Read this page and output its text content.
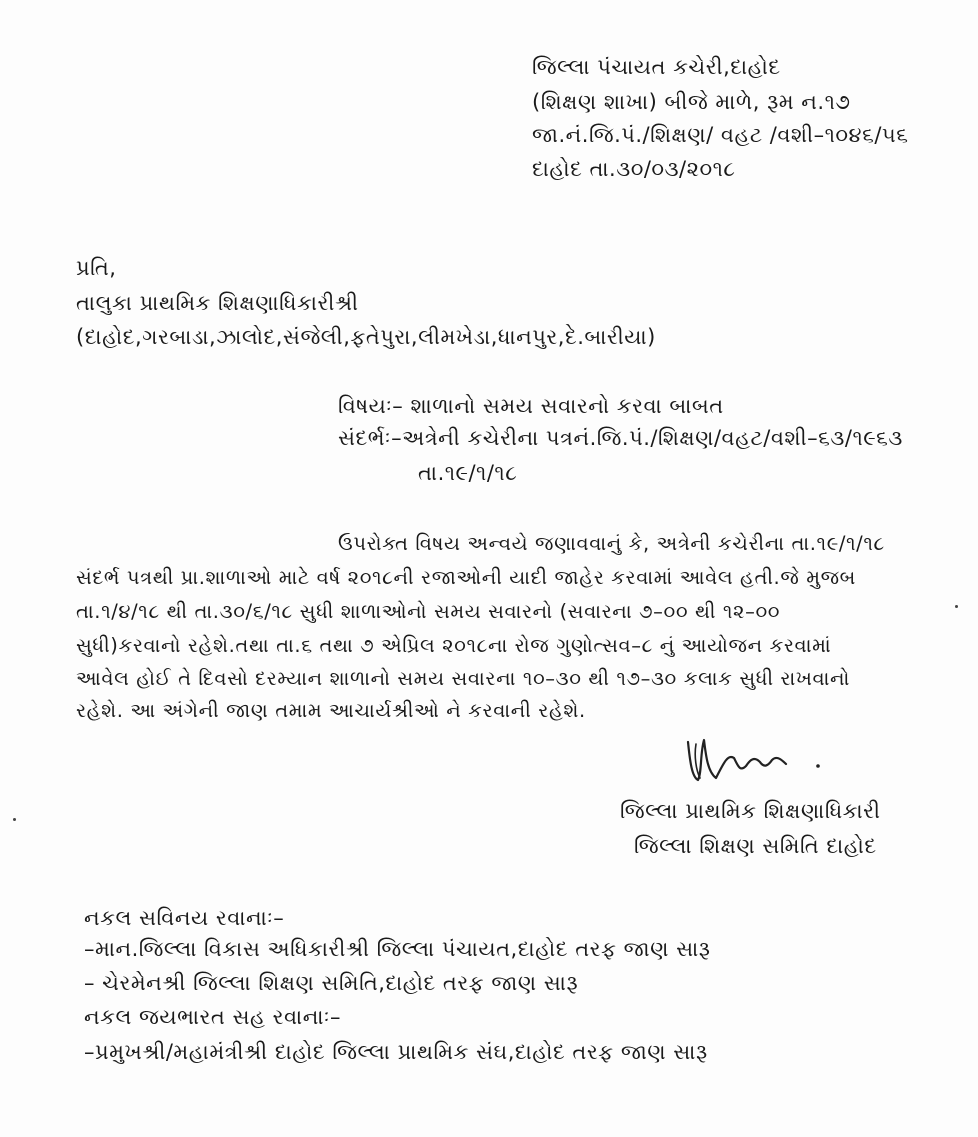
જિલ્લા પંચાયત કચેરી,દાહોદ
(શિક્ષણ શાખા) બીજે માળે, રૂમ ન.૧૭
જા.નં.જિ.પં./શિક્ષણ/ વહટ /વશી–૧૦૪૬/૫૬
દાહોદ તા.૩૦/૦૩/૨૦૧૮
પ્રતિ,
તાલુકા પ્રાથમિક શિક્ષણાધિકારીશ્રી
(દાહોદ,ગરબાડા,ઝાલોદ,સંજેલી,ફતેપુરા,લીમખેડા,ધાનપુર,દે.બારીયા)
વિષયઃ– શાળાનો સમય સવારનો કરવા બાબત
સંદર્ભઃ–અત્રેની કચેરીના પત્રનં.જિ.પં./શિક્ષણ/વહટ/વશી–૬૩/૧૯૬૩
તા.૧૯/૧/૧૮
ઉપરોક્ત વિષય અન્વયે જણાવવાનું કે, અત્રેની કચેરીના તા.૧૯/૧/૧૮
સંદર્ભ પત્રથી પ્રા.શાળાઓ માટે વર્ષ ૨૦૧૮ની રજાઓની યાદી જાહેર કરવામાં આવેલ હતી.જે મુજબ
તા.૧/૪/૧૮ થી તા.૩૦/૬/૧૮ સુધી શાળાઓનો સમય સવારનો (સવારના ૭–૦૦ થી ૧૨–૦૦
સુધી)કરવાનો રહેશે.તથા તા.૬ તથા ૭ એપ્રિલ ૨૦૧૮ના રોજ ગુણોત્સવ–૮ નું આયોજન કરવામાં
આવેલ હોઈ તે દિવસો દરમ્યાન શાળાનો સમય સવારના ૧૦–૩૦ થી ૧૭–૩૦ કલાક સુધી રાખવાનો
રહેશે. આ અંગેની જાણ તમામ આચાર્યશ્રીઓ ને કરવાની રહેશે.
જિલ્લા પ્રાથમિક શિક્ષણાધિકારી
જિલ્લા શિક્ષણ સમિતિ દાહોદ
નકલ સવિનય રવાનાઃ–
–માન.જિલ્લા વિકાસ અધિકારીશ્રી જિલ્લા પંચાયત,દાહોદ તરફ જાણ સારૂ
– ચેરમેનશ્રી જિલ્લા શિક્ષણ સમિતિ,દાહોદ તરફ જાણ સારૂ
નકલ જયભારત સહ રવાનાઃ–
–પ્રમુખશ્રી/મહામંત્રીશ્રી દાહોદ જિલ્લા પ્રાથમિક સંઘ,દાહોદ તરફ જાણ સારૂ
